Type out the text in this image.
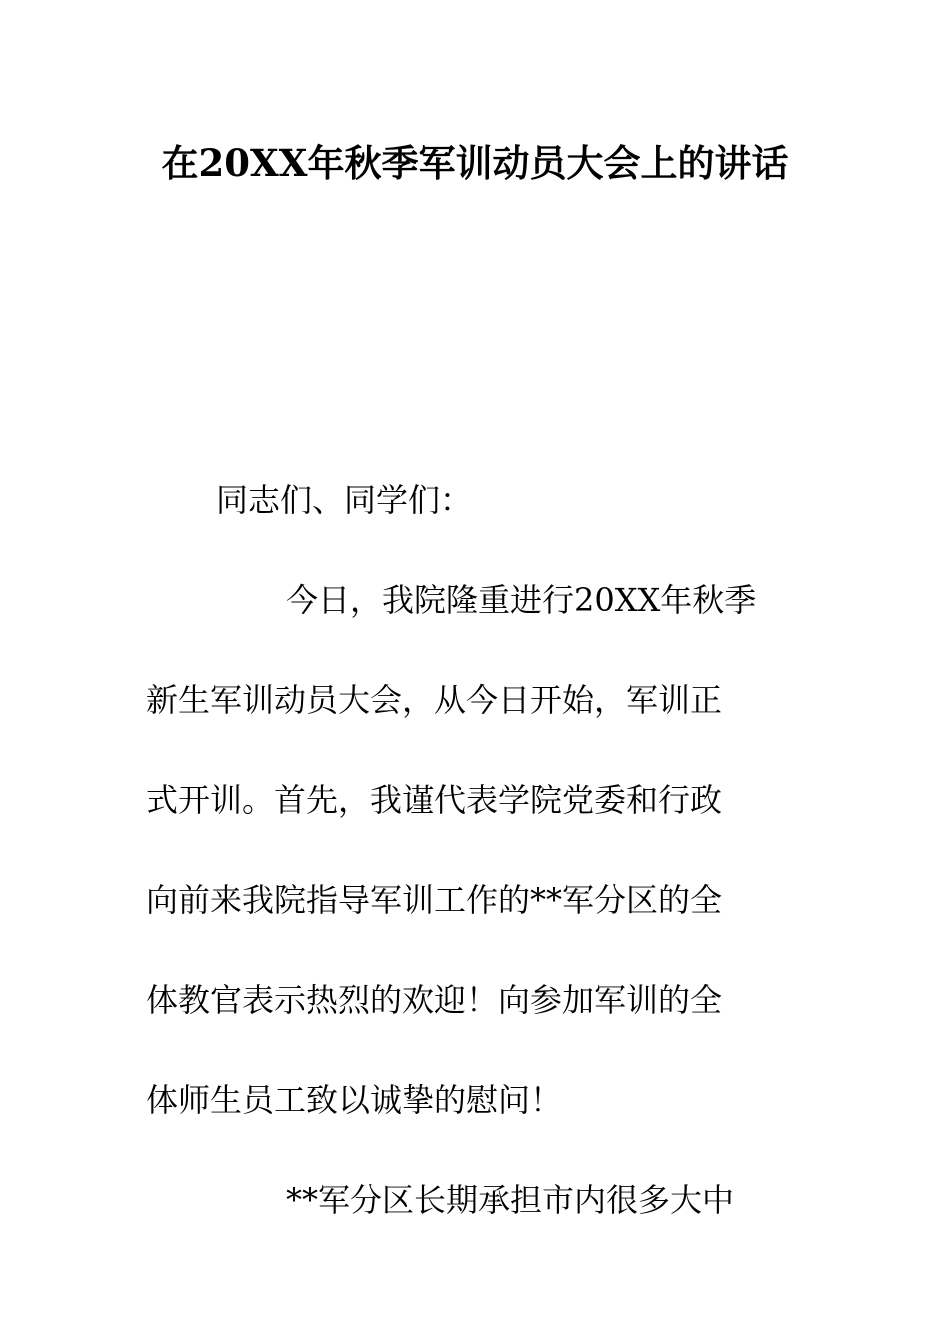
在20XX年秋季军训动员大会上的讲话
同志们、同学们：
今日，我院隆重进行20XX年秋季
新生军训动员大会，从今日开始，军训正
式开训。首先，我谨代表学院党委和行政
向前来我院指导军训工作的**军分区的全
体教官表示热烈的欢迎！向参加军训的全
体师生员工致以诚挚的慰问！
**军分区长期承担市内很多大中
